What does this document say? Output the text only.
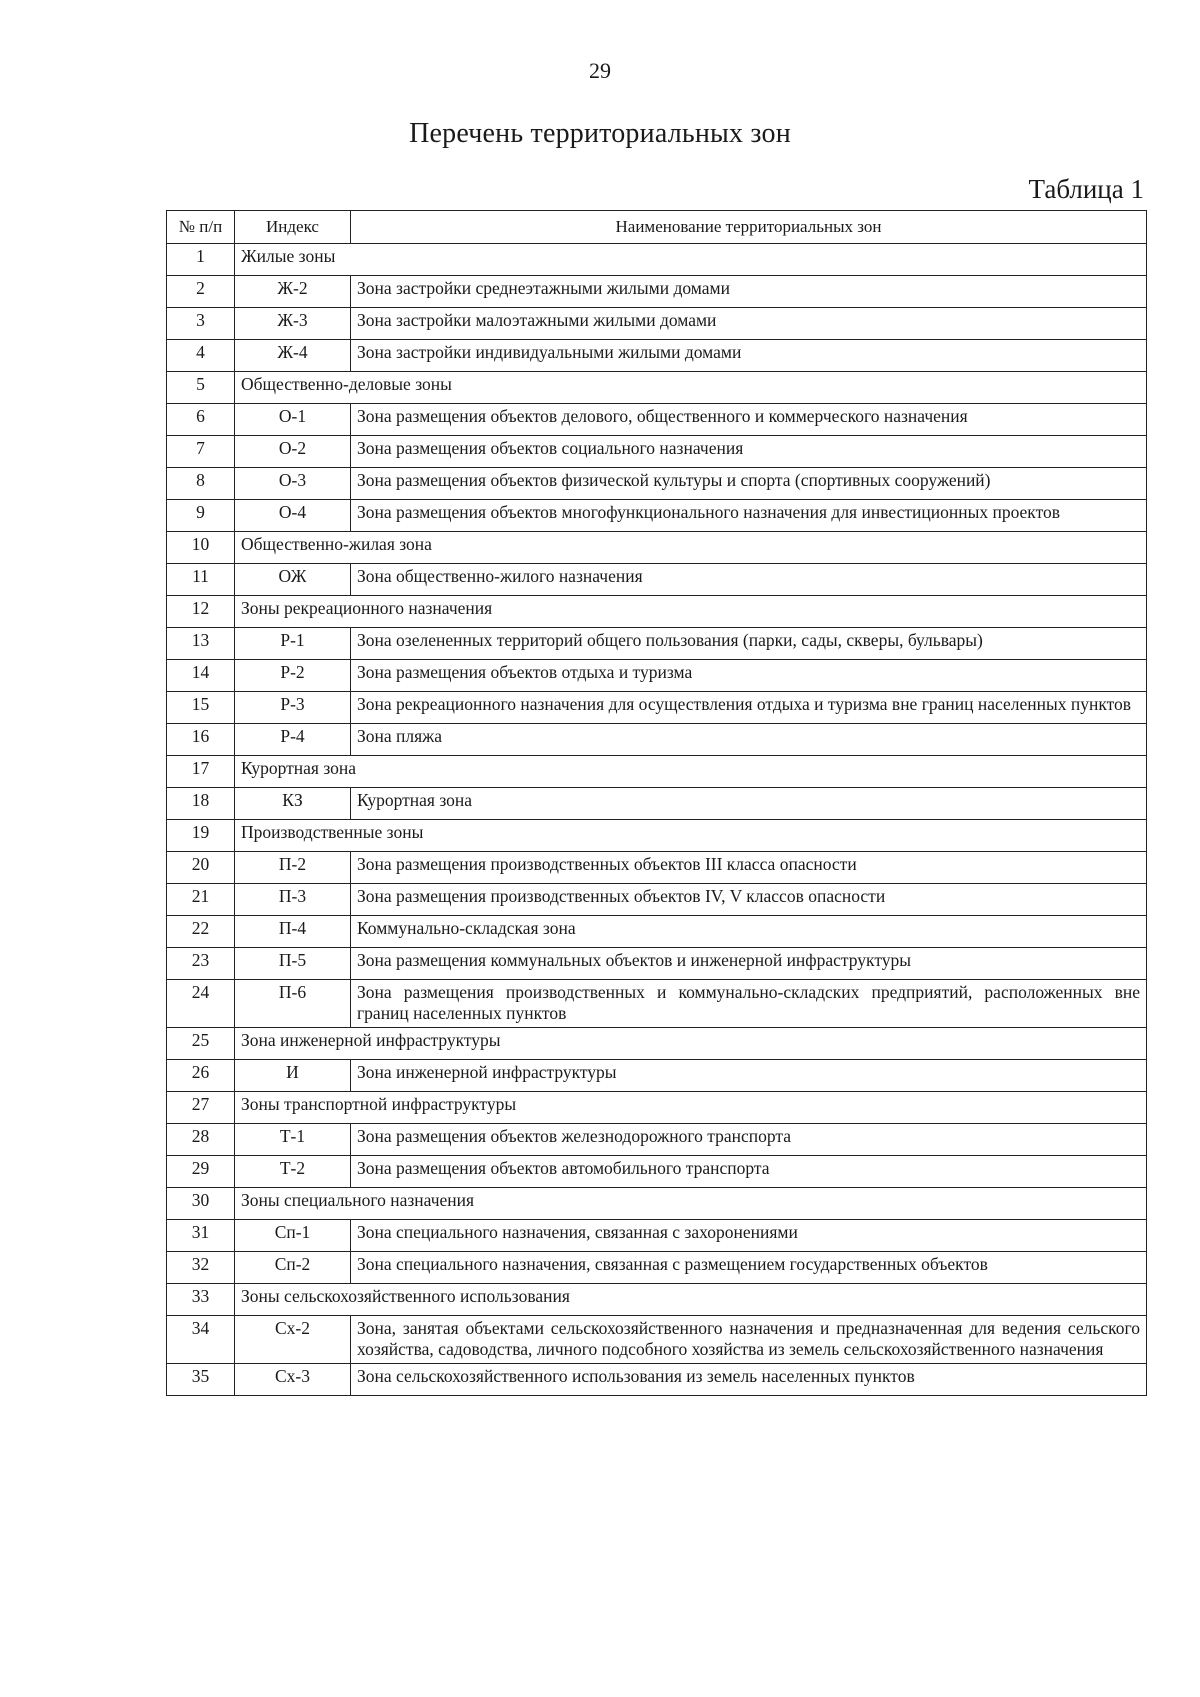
29
Перечень территориальных зон
Таблица 1
№ п/п	Индекс	Наименование территориальных зон
1	Жилые зоны	
2	Ж-2	Зона застройки среднеэтажными жилыми домами
3	Ж-3	Зона застройки малоэтажными жилыми домами
4	Ж-4	Зона застройки индивидуальными жилыми домами
5	Общественно-деловые зоны	
6	О-1	Зона размещения объектов делового, общественного и коммерческого назначения
7	О-2	Зона размещения объектов социального назначения
8	О-3	Зона размещения объектов физической культуры и спорта (спортивных сооружений)
9	О-4	Зона размещения объектов многофункционального назначения для инвестиционных проектов
10	Общественно-жилая зона	
11	ОЖ	Зона общественно-жилого назначения
12	Зоны рекреационного назначения	
13	Р-1	Зона озелененных территорий общего пользования (парки, сады, скверы, бульвары)
14	Р-2	Зона размещения объектов отдыха и туризма
15	Р-3	Зона рекреационного назначения для осуществления отдыха и туризма вне границ населенных пунктов
16	Р-4	Зона пляжа
17	Курортная зона	
18	КЗ	Курортная зона
19	Производственные зоны	
20	П-2	Зона размещения производственных объектов III класса опасности
21	П-3	Зона размещения производственных объектов IV, V классов опасности
22	П-4	Коммунально-складская зона
23	П-5	Зона размещения коммунальных объектов и инженерной инфраструктуры
24	П-6	Зона размещения производственных и коммунально-складских предприятий, расположенных вне границ населенных пунктов
25	Зона инженерной инфраструктуры	
26	И	Зона инженерной инфраструктуры
27	Зоны транспортной инфраструктуры	
28	Т-1	Зона размещения объектов железнодорожного транспорта
29	Т-2	Зона размещения объектов автомобильного транспорта
30	Зоны специального назначения	
31	Сп-1	Зона специального назначения, связанная с захоронениями
32	Сп-2	Зона специального назначения, связанная с размещением государственных объектов
33	Зоны сельскохозяйственного использования	
34	Сх-2	Зона, занятая объектами сельскохозяйственного назначения и предназначенная для ведения сельского хозяйства, садоводства, личного подсобного хозяйства из земель сельскохозяйственного назначения
35	Сх-3	Зона сельскохозяйственного использования из земель населенных пунктов
